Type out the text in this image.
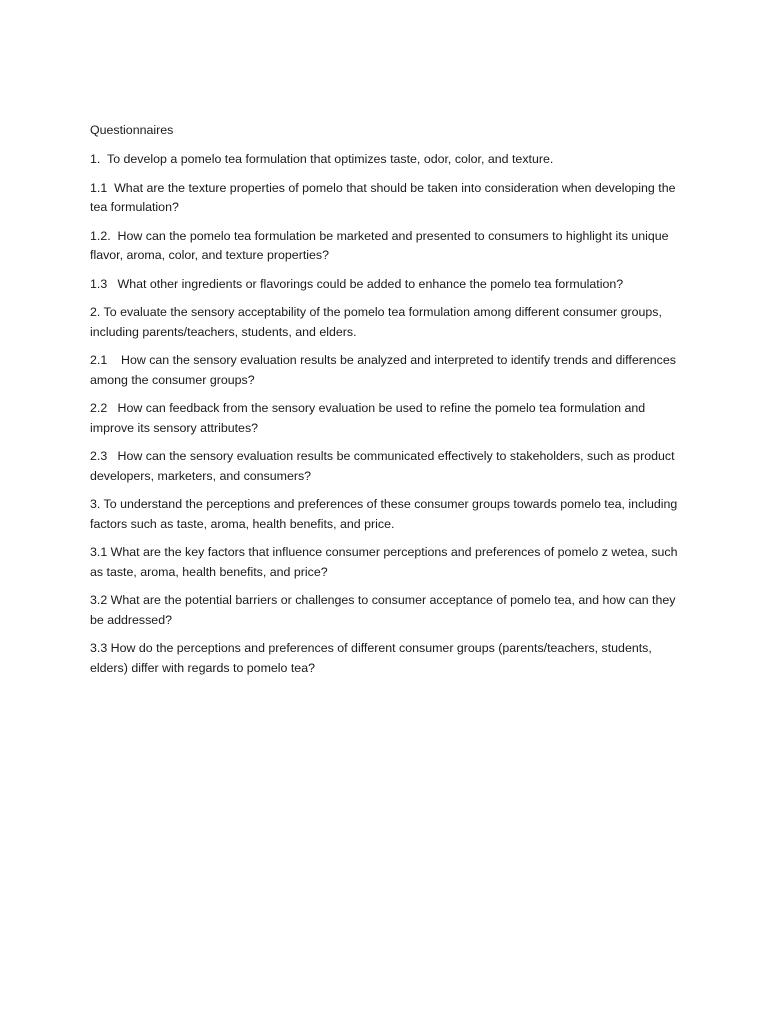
Questionnaires

1.  To develop a pomelo tea formulation that optimizes taste, odor, color, and texture.

1.1  What are the texture properties of pomelo that should be taken into consideration when developing the tea formulation?

1.2.  How can the pomelo tea formulation be marketed and presented to consumers to highlight its unique flavor, aroma, color, and texture properties?

1.3   What other ingredients or flavorings could be added to enhance the pomelo tea formulation?

2. To evaluate the sensory acceptability of the pomelo tea formulation among different consumer groups, including parents/teachers, students, and elders.

2.1    How can the sensory evaluation results be analyzed and interpreted to identify trends and differences among the consumer groups?

2.2   How can feedback from the sensory evaluation be used to refine the pomelo tea formulation and improve its sensory attributes?

2.3   How can the sensory evaluation results be communicated effectively to stakeholders, such as product developers, marketers, and consumers?

3. To understand the perceptions and preferences of these consumer groups towards pomelo tea, including factors such as taste, aroma, health benefits, and price.

3.1 What are the key factors that influence consumer perceptions and preferences of pomelo z wetea, such as taste, aroma, health benefits, and price?

3.2 What are the potential barriers or challenges to consumer acceptance of pomelo tea, and how can they be addressed?

3.3 How do the perceptions and preferences of different consumer groups (parents/teachers, students, elders) differ with regards to pomelo tea?
